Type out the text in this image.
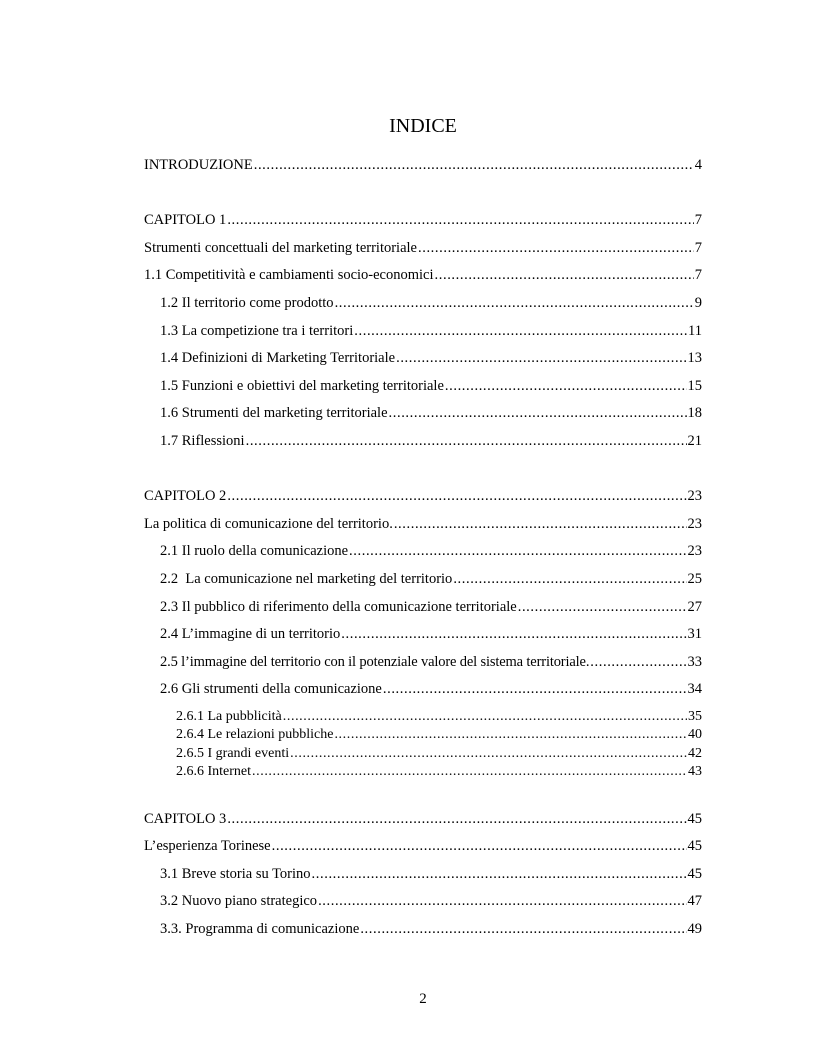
INDICE
INTRODUZIONE .....	4
CAPITOLO 1 .....	7
Strumenti concettuali del marketing territoriale .....	7
1.1 Competitività e cambiamenti socio-economici .....	7
1.2 Il territorio come prodotto .....	9
1.3 La competizione tra i territori .....	11
1.4 Definizioni di Marketing Territoriale .....	13
1.5 Funzioni e obiettivi del marketing territoriale .....	15
1.6 Strumenti del marketing territoriale .....	18
1.7 Riflessioni .....	21
CAPITOLO 2 .....	23
La politica di comunicazione del territorio. .....	23
2.1 Il ruolo della comunicazione .....	23
2.2  La comunicazione nel marketing del territorio .....	25
2.3 Il pubblico di riferimento della comunicazione territoriale .....	27
2.4 L’immagine di un territorio .....	31
2.5 l’immagine del territorio con il potenziale valore del sistema territoriale. .....	33
2.6 Gli strumenti della comunicazione .....	34
2.6.1 La pubblicità .....	35
2.6.4 Le relazioni pubbliche .....	40
2.6.5 I grandi eventi .....	42
2.6.6 Internet .....	43
CAPITOLO 3 .....	45
L’esperienza Torinese .....	45
3.1 Breve storia su Torino .....	45
3.2 Nuovo piano strategico .....	47
3.3. Programma di comunicazione .....	49
2
